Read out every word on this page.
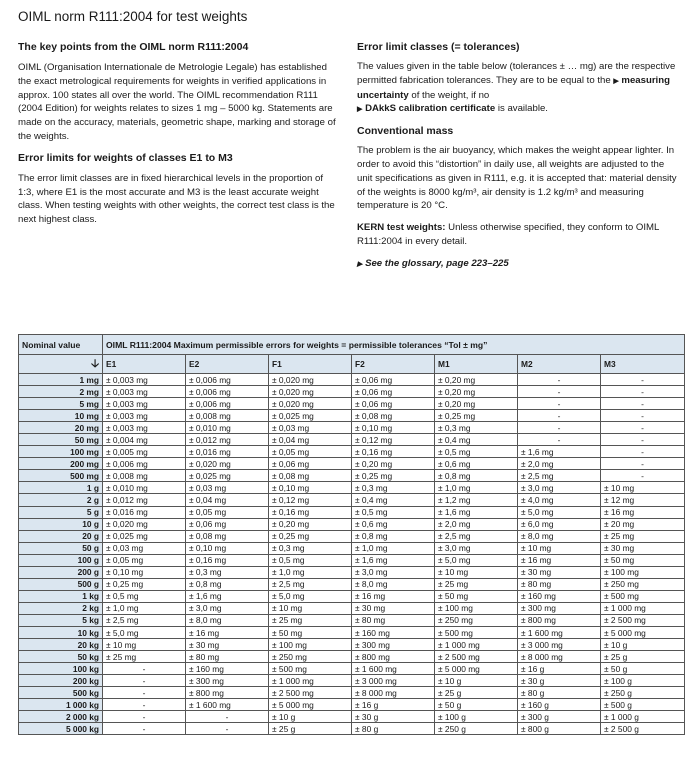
OIML norm R111:2004 for test weights
The key points from the OIML norm R111:2004

OIML (Organisation Internationale de Metrologie Legale) has established the exact metrological requirements for weights in verified applications in approx. 100 states all over the world. The OIML recommendation R111 (2004 Edition) for weights relates to sizes 1 mg – 5000 kg. Statements are made on the accuracy, materials, geometric shape, marking and storage of the weights.

Error limits for weights of classes E1 to M3

The error limit classes are in fixed hierarchical levels in the proportion of 1:3, where E1 is the most accurate and M3 is the least accurate weight class. When testing weights with other weights, the correct test class is the next highest class.

Error limit classes (= tolerances)

The values given in the table below (tolerances ± … mg) are the respective permitted fabrication tolerances. They are to be equal to the ▶ measuring uncertainty of the weight, if no
▶ DAkkS calibration certificate is available.

Conventional mass

The problem is the air buoyancy, which makes the weight appear lighter. In order to avoid this “distortion” in daily use, all weights are adjusted to the unit specifications as given in R111, e.g. it is accepted that: material density of the weights is 8000 kg/m³, air density is 1.2 kg/m³ and measuring temperature is 20 °C.

KERN test weights: Unless otherwise specified, they conform to OIML R111:2004 in every detail.

▶ See the glossary, page 223–225

Nominal value	OIML R111:2004 Maximum permissible errors for weights = permissible tolerances “Tol ± mg”						
🡣	E1	E2	F1	F2	M1	M2	M3
1 mg	± 0,003 mg	± 0,006 mg	± 0,020 mg	± 0,06 mg	± 0,20 mg	-	-
2 mg	± 0,003 mg	± 0,006 mg	± 0,020 mg	± 0,06 mg	± 0,20 mg	-	-
5 mg	± 0,003 mg	± 0,006 mg	± 0,020 mg	± 0,06 mg	± 0,20 mg	-	-
10 mg	± 0,003 mg	± 0,008 mg	± 0,025 mg	± 0,08 mg	± 0,25 mg	-	-
20 mg	± 0,003 mg	± 0,010 mg	± 0,03 mg	± 0,10 mg	± 0,3 mg	-	-
50 mg	± 0,004 mg	± 0,012 mg	± 0,04 mg	± 0,12 mg	± 0,4 mg	-	-
100 mg	± 0,005 mg	± 0,016 mg	± 0,05 mg	± 0,16 mg	± 0,5 mg	± 1,6 mg	-
200 mg	± 0,006 mg	± 0,020 mg	± 0,06 mg	± 0,20 mg	± 0,6 mg	± 2,0 mg	-
500 mg	± 0,008 mg	± 0,025 mg	± 0,08 mg	± 0,25 mg	± 0,8 mg	± 2,5 mg	-
1 g	± 0,010 mg	± 0,03 mg	± 0,10 mg	± 0,3 mg	± 1,0 mg	± 3,0 mg	± 10 mg
2 g	± 0,012 mg	± 0,04 mg	± 0,12 mg	± 0,4 mg	± 1,2 mg	± 4,0 mg	± 12 mg
5 g	± 0,016 mg	± 0,05 mg	± 0,16 mg	± 0,5 mg	± 1,6 mg	± 5,0 mg	± 16 mg
10 g	± 0,020 mg	± 0,06 mg	± 0,20 mg	± 0,6 mg	± 2,0 mg	± 6,0 mg	± 20 mg
20 g	± 0,025 mg	± 0,08 mg	± 0,25 mg	± 0,8 mg	± 2,5 mg	± 8,0 mg	± 25 mg
50 g	± 0,03 mg	± 0,10 mg	± 0,3 mg	± 1,0 mg	± 3,0 mg	± 10 mg	± 30 mg
100 g	± 0,05 mg	± 0,16 mg	± 0,5 mg	± 1,6 mg	± 5,0 mg	± 16 mg	± 50 mg
200 g	± 0,10 mg	± 0,3 mg	± 1,0 mg	± 3,0 mg	± 10 mg	± 30 mg	± 100 mg
500 g	± 0,25 mg	± 0,8 mg	± 2,5 mg	± 8,0 mg	± 25 mg	± 80 mg	± 250 mg
1 kg	± 0,5 mg	± 1,6 mg	± 5,0 mg	± 16 mg	± 50 mg	± 160 mg	± 500 mg
2 kg	± 1,0 mg	± 3,0 mg	± 10 mg	± 30 mg	± 100 mg	± 300 mg	± 1 000 mg
5 kg	± 2,5 mg	± 8,0 mg	± 25 mg	± 80 mg	± 250 mg	± 800 mg	± 2 500 mg
10 kg	± 5,0 mg	± 16 mg	± 50 mg	± 160 mg	± 500 mg	± 1 600 mg	± 5 000 mg
20 kg	± 10 mg	± 30 mg	± 100 mg	± 300 mg	± 1 000 mg	± 3 000 mg	± 10 g
50 kg	± 25 mg	± 80 mg	± 250 mg	± 800 mg	± 2 500 mg	± 8 000 mg	± 25 g
100 kg	-	± 160 mg	± 500 mg	± 1 600 mg	± 5 000 mg	± 16 g	± 50 g
200 kg	-	± 300 mg	± 1 000 mg	± 3 000 mg	± 10 g	± 30 g	± 100 g
500 kg	-	± 800 mg	± 2 500 mg	± 8 000 mg	± 25 g	± 80 g	± 250 g
1 000 kg	-	± 1 600 mg	± 5 000 mg	± 16 g	± 50 g	± 160 g	± 500 g
2 000 kg	-	-	± 10 g	± 30 g	± 100 g	± 300 g	± 1 000 g
5 000 kg	-	-	± 25 g	± 80 g	± 250 g	± 800 g	± 2 500 g
